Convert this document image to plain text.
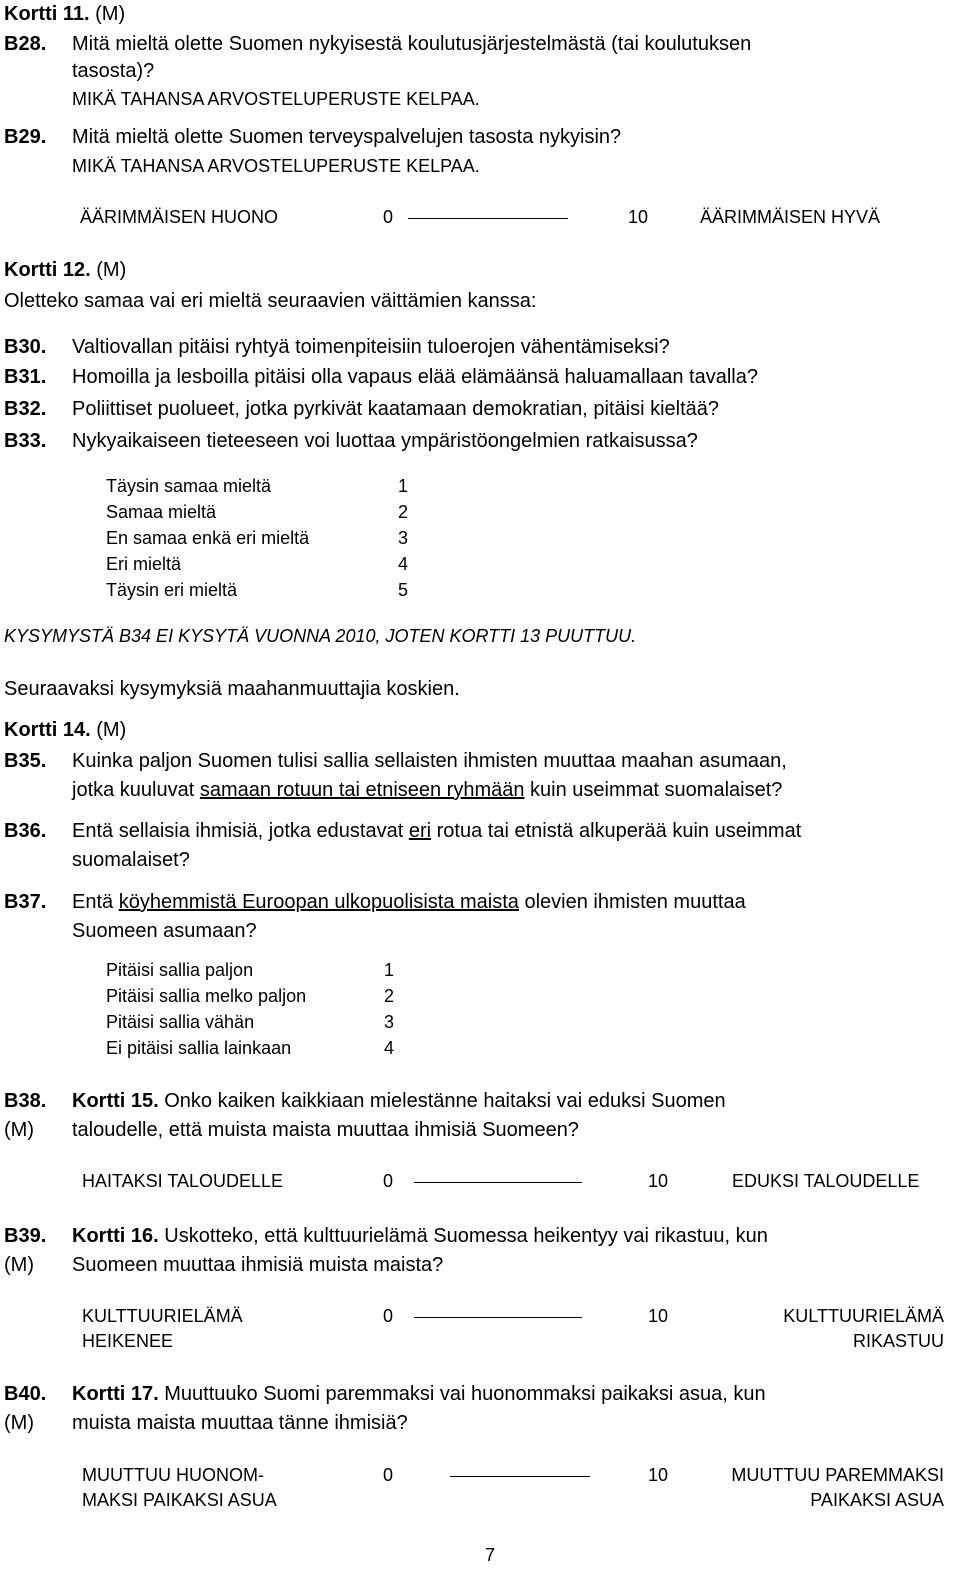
Kortti 11. (M)
B28. Mitä mieltä olette Suomen nykyisestä koulutusjärjestelmästä (tai koulutuksen
tasosta)?
MIKÄ TAHANSA ARVOSTELUPERUSTE KELPAA.
B29. Mitä mieltä olette Suomen terveyspalvelujen tasosta nykyisin?
MIKÄ TAHANSA ARVOSTELUPERUSTE KELPAA.
ÄÄRIMMÄISEN HUONO	0	10	ÄÄRIMMÄISEN HYVÄ
Kortti 12. (M)
Oletteko samaa vai eri mieltä seuraavien väittämien kanssa:
B30. Valtiovallan pitäisi ryhtyä toimenpiteisiin tuloerojen vähentämiseksi?
B31. Homoilla ja lesboilla pitäisi olla vapaus elää elämäänsä haluamallaan tavalla?
B32. Poliittiset puolueet, jotka pyrkivät kaatamaan demokratian, pitäisi kieltää?
B33. Nykyaikaiseen tieteeseen voi luottaa ympäristöongelmien ratkaisussa?
Täysin samaa mieltä	1
Samaa mieltä	2
En samaa enkä eri mieltä	3
Eri mieltä	4
Täysin eri mieltä	5
KYSYMYSTÄ B34 EI KYSYTÄ VUONNA 2010, JOTEN KORTTI 13 PUUTTUU.
Seuraavaksi kysymyksiä maahanmuuttajia koskien.
Kortti 14. (M)
B35. Kuinka paljon Suomen tulisi sallia sellaisten ihmisten muuttaa maahan asumaan,
jotka kuuluvat samaan rotuun tai etniseen ryhmään kuin useimmat suomalaiset?
B36. Entä sellaisia ihmisiä, jotka edustavat eri rotua tai etnistä alkuperää kuin useimmat
suomalaiset?
B37. Entä köyhemmistä Euroopan ulkopuolisista maista olevien ihmisten muuttaa
Suomeen asumaan?
Pitäisi sallia paljon	1
Pitäisi sallia melko paljon	2
Pitäisi sallia vähän	3
Ei pitäisi sallia lainkaan	4
B38.
(M)
Kortti 15. Onko kaiken kaikkiaan mielestänne haitaksi vai eduksi Suomen
taloudelle, että muista maista muuttaa ihmisiä Suomeen?
HAITAKSI TALOUDELLE	0	10	EDUKSI TALOUDELLE
B39.
(M)
Kortti 16. Uskotteko, että kulttuurielämä Suomessa heikentyy vai rikastuu, kun
Suomeen muuttaa ihmisiä muista maista?
KULTTUURIELÄMÄ
HEIKENEE
0	10	KULTTUURIELÄMÄ
RIKASTUU
B40.
(M)
Kortti 17. Muuttuuko Suomi paremmaksi vai huonommaksi paikaksi asua, kun
muista maista muuttaa tänne ihmisiä?
MUUTTUU HUONOM-
MAKSI PAIKAKSI ASUA
0	10	MUUTTUU PAREMMAKSI
PAIKAKSI ASUA
7
